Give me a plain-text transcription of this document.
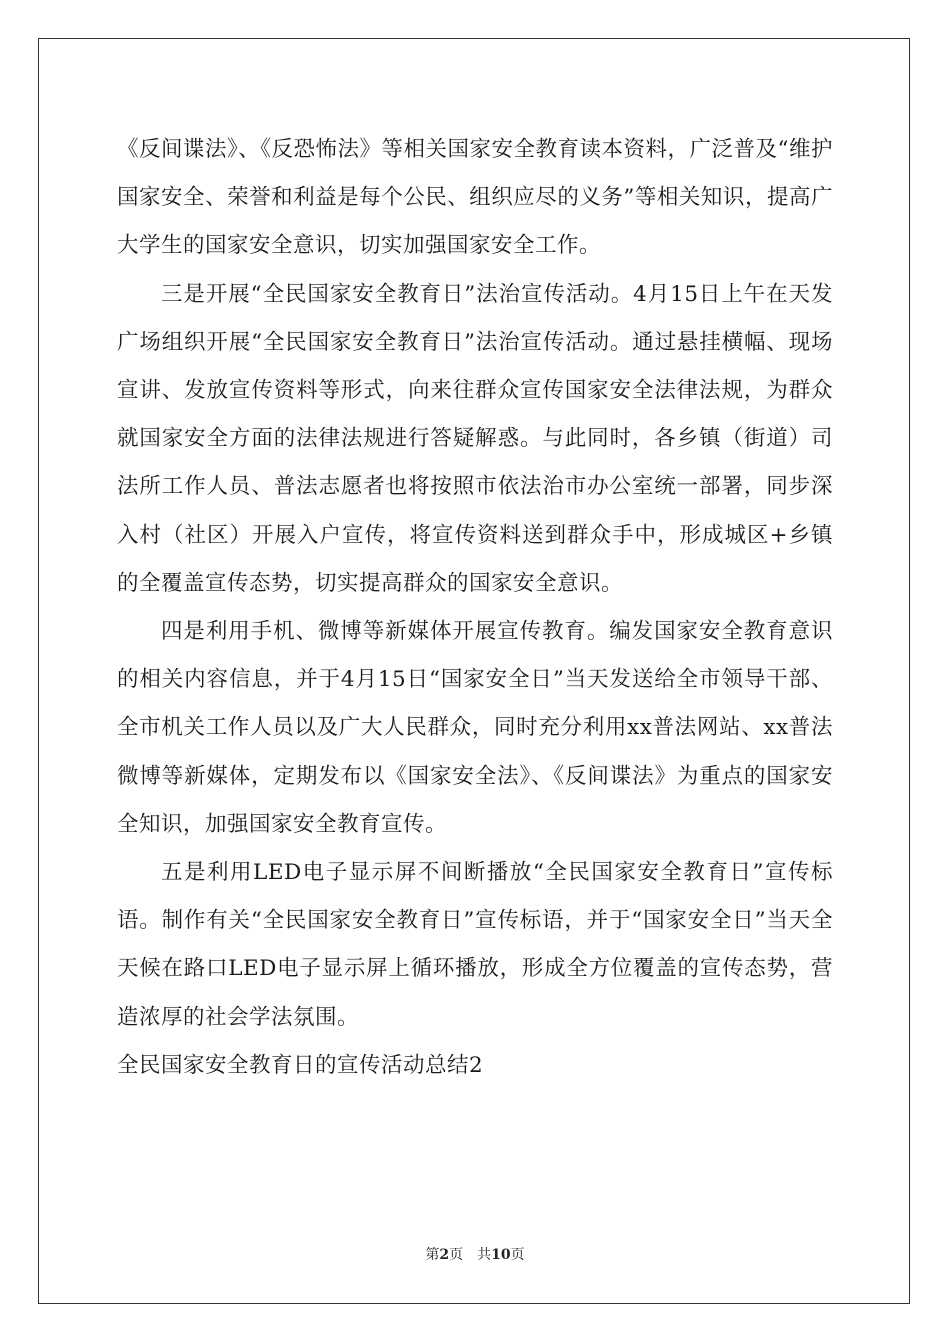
《反间谍法》、《反恐怖法》等相关国家安全教育读本资料，广泛普及“维护国家安全、荣誉和利益是每个公民、组织应尽的义务”等相关知识，提高广大学生的国家安全意识，切实加强国家安全工作。

三是开展“全民国家安全教育日”法治宣传活动。4月15日上午在天发广场组织开展“全民国家安全教育日”法治宣传活动。通过悬挂横幅、现场宣讲、发放宣传资料等形式，向来往群众宣传国家安全法律法规，为群众就国家安全方面的法律法规进行答疑解惑。与此同时，各乡镇（街道）司法所工作人员、普法志愿者也将按照市依法治市办公室统一部署，同步深入村（社区）开展入户宣传，将宣传资料送到群众手中，形成城区+乡镇的全覆盖宣传态势，切实提高群众的国家安全意识。

四是利用手机、微博等新媒体开展宣传教育。编发国家安全教育意识的相关内容信息，并于4月15日“国家安全日”当天发送给全市领导干部、全市机关工作人员以及广大人民群众，同时充分利用xx普法网站、xx普法微博等新媒体，定期发布以《国家安全法》、《反间谍法》为重点的国家安全知识，加强国家安全教育宣传。

五是利用LED电子显示屏不间断播放“全民国家安全教育日”宣传标语。制作有关“全民国家安全教育日”宣传标语，并于“国家安全日”当天全天候在路口LED电子显示屏上循环播放，形成全方位覆盖的宣传态势，营造浓厚的社会学法氛围。

全民国家安全教育日的宣传活动总结2

第2页 共10页
